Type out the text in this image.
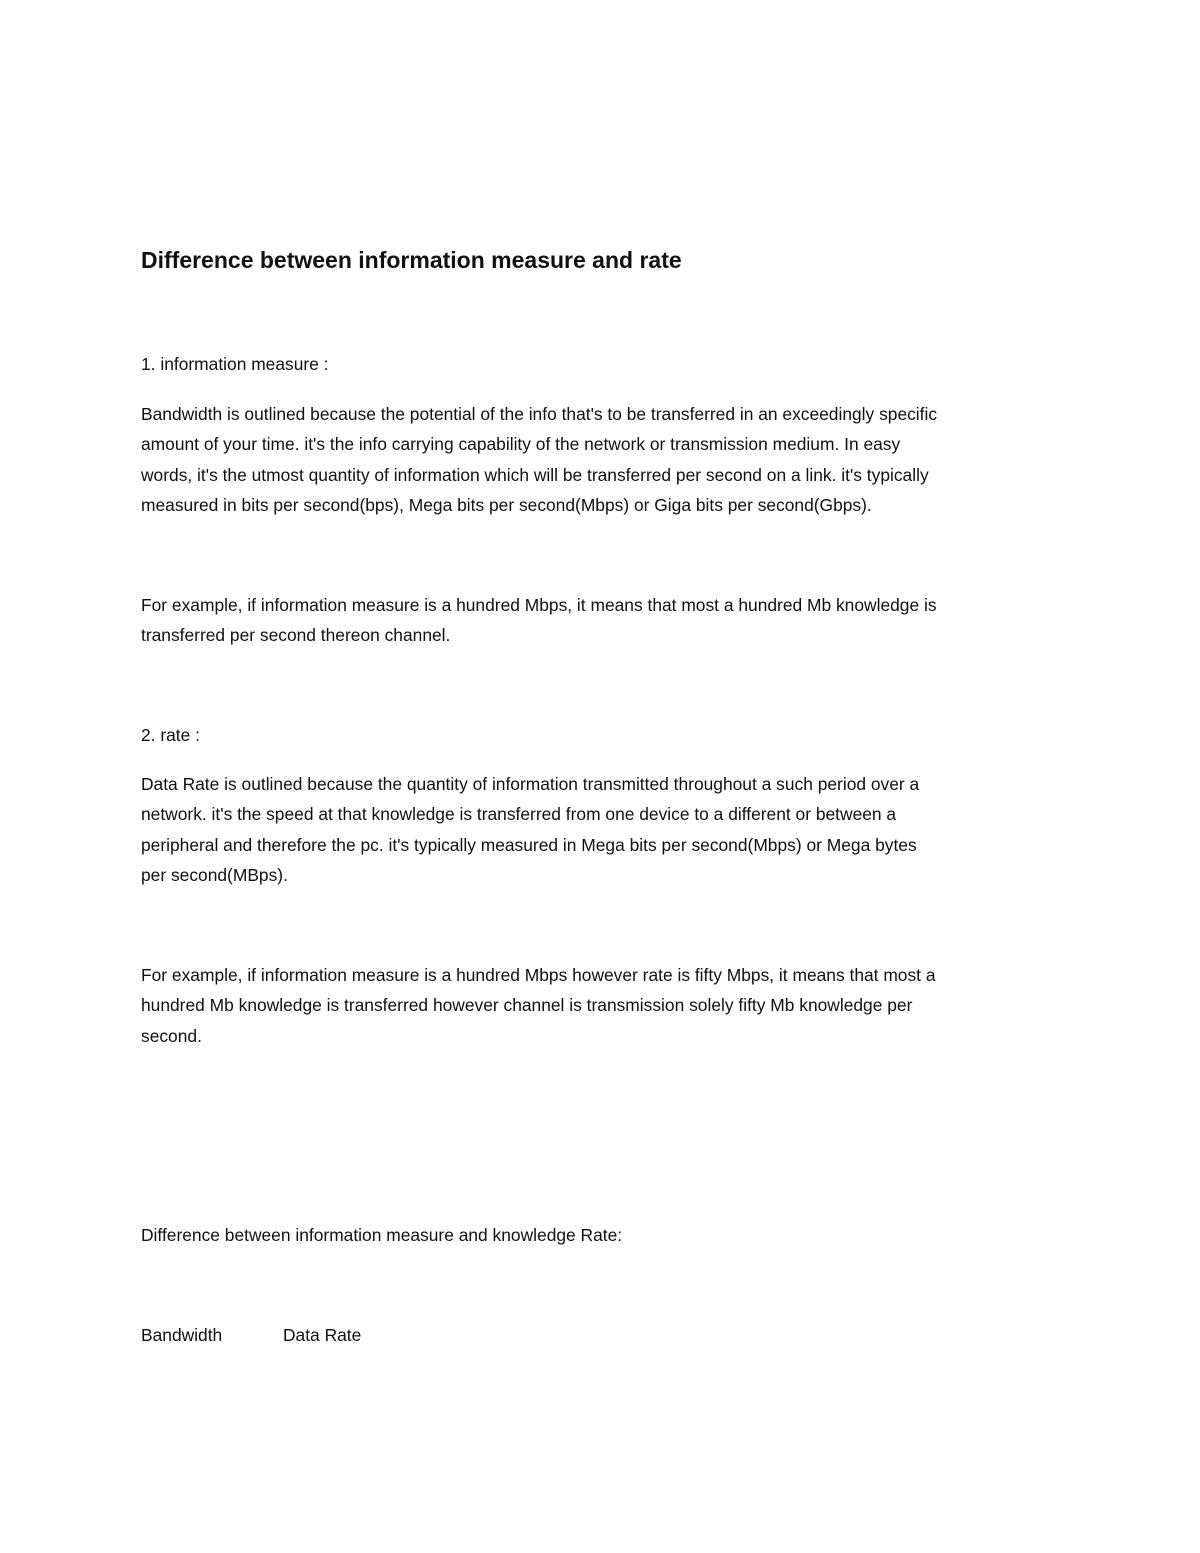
Difference between information measure and rate

1. information measure :

Bandwidth is outlined because the potential of the info that's to be transferred in an exceedingly specific
amount of your time. it's the info carrying capability of the network or transmission medium. In easy
words, it's the utmost quantity of information which will be transferred per second on a link. it's typically
measured in bits per second(bps), Mega bits per second(Mbps) or Giga bits per second(Gbps).
For example, if information measure is a hundred Mbps, it means that most a hundred Mb knowledge is
transferred per second thereon channel.

2. rate :

Data Rate is outlined because the quantity of information transmitted throughout a such period over a
network. it's the speed at that knowledge is transferred from one device to a different or between a
peripheral and therefore the pc. it's typically measured in Mega bits per second(Mbps) or Mega bytes
per second(MBps).
For example, if information measure is a hundred Mbps however rate is fifty Mbps, it means that most a
hundred Mb knowledge is transferred however channel is transmission solely fifty Mb knowledge per
second.

Difference between information measure and knowledge Rate:

Bandwidth	Data Rate
